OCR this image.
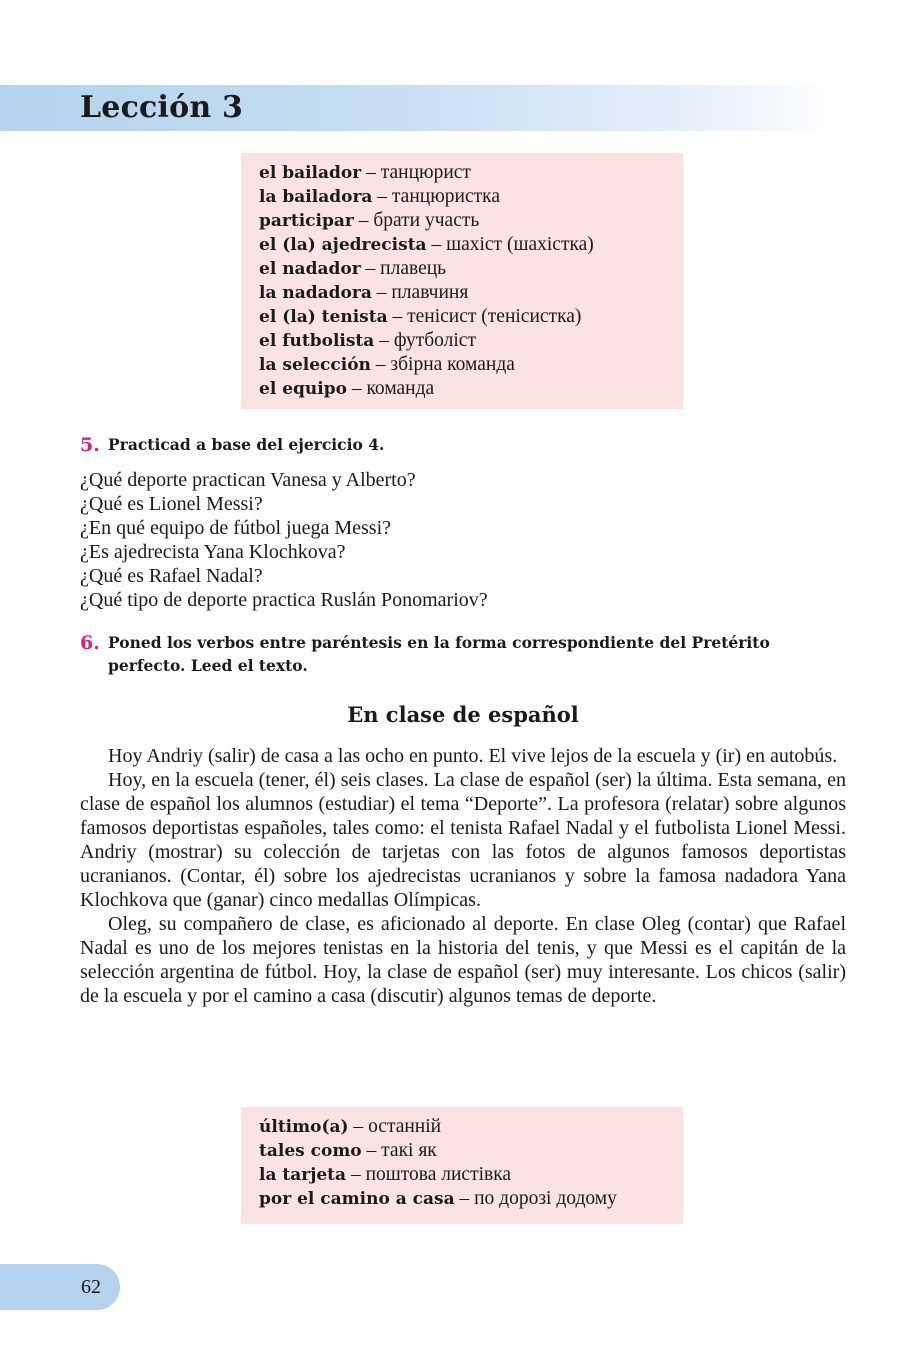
Lección 3
el bailador – танцюрист
la bailadora – танцюристка
participar – брати участь
el (la) ajedrecista – шахіст (шахістка)
el nadador – плавець
la nadadora – плавчиня
el (la) tenista – тенісист (тенісистка)
el futbolista – футболіст
la selección – збірна команда
el equipo – команда
5. Practicad a base del ejercicio 4.
¿Qué deporte practican Vanesa y Alberto?
¿Qué es Lionel Messi?
¿En qué equipo de fútbol juega Messi?
¿Es ajedrecista Yana Klochkova?
¿Qué es Rafael Nadal?
¿Qué tipo de deporte practica Ruslán Ponomariov?
6. Poned los verbos entre paréntesis en la forma correspondiente del Pretérito perfecto. Leed el texto.
En clase de español

Hoy Andriy (salir) de casa a las ocho en punto. El vive lejos de la escuela y (ir) en autobús.

Hoy, en la escuela (tener, él) seis clases. La clase de español (ser) la última. Esta semana, en clase de español los alumnos (estudiar) el tema “Deporte”. La profesora (relatar) sobre algunos famosos deportistas españoles, tales como: el tenista Rafael Nadal y el futbolista Lionel Messi. Andriy (mostrar) su colección de tarjetas con las fotos de algunos famosos deportistas ucranianos. (Contar, él) sobre los ajedrecistas ucranianos y sobre la famosa nadadora Yana Klochkova que (ganar) cinco medallas Olímpicas.

Oleg, su compañero de clase, es aficionado al deporte. En clase Oleg (contar) que Rafael Nadal es uno de los mejores tenistas en la historia del tenis, y que Messi es el capitán de la selección argentina de fútbol. Hoy, la clase de español (ser) muy interesante. Los chicos (salir) de la escuela y por el camino a casa (discutir) algunos temas de deporte.

último(a) – останній
tales como – такі як
la tarjeta – поштова листівка
por el camino a casa – по дорозі додому
62
